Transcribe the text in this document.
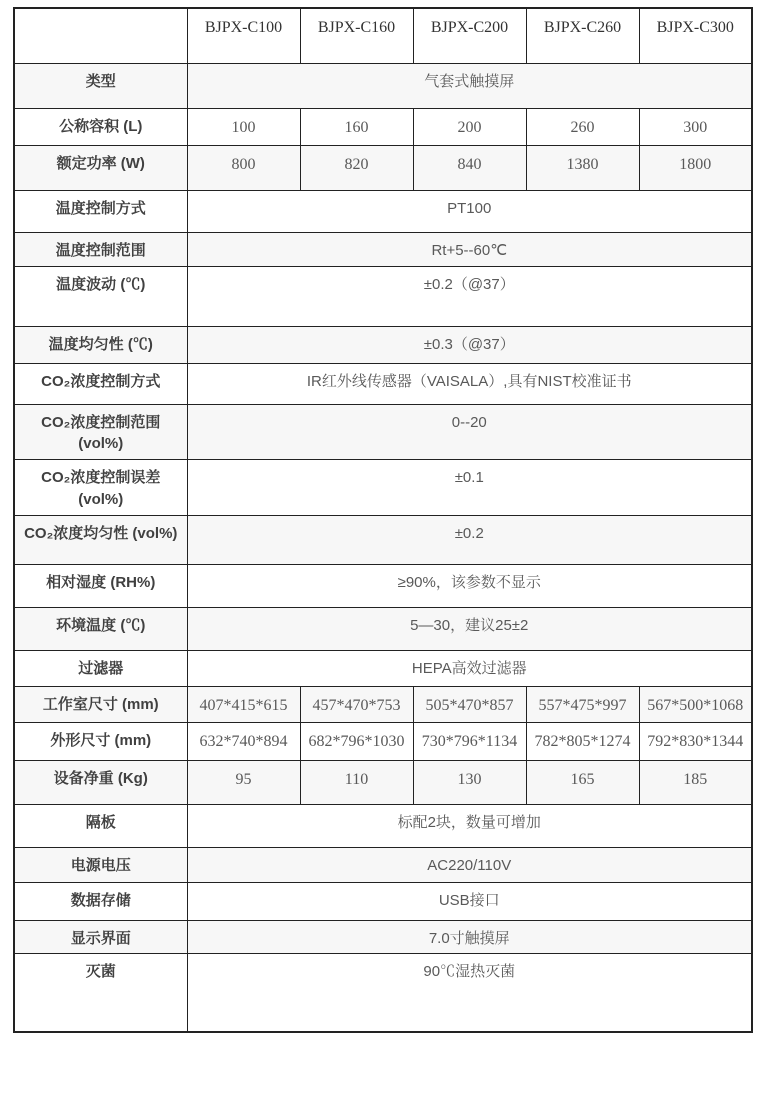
	BJPX-C100	BJPX-C160	BJPX-C200	BJPX-C260	BJPX-C300
类型	气套式触摸屏				
公称容积 (L)	100	160	200	260	300
额定功率 (W)	800	820	840	1380	1800
温度控制方式	PT100				
温度控制范围	Rt+5--60℃				
温度波动 (℃)	±0.2（@37）				
温度均匀性 (℃)	±0.3（@37）				
CO₂浓度控制方式	IR红外线传感器（VAISALA）,具有NIST校准证书				
CO₂浓度控制范围 (vol%)	0--20				
CO₂浓度控制误差 (vol%)	±0.1				
CO₂浓度均匀性 (vol%)	±0.2				
相对湿度 (RH%)	≥90%，该参数不显示				
环境温度 (℃)	5—30，建议25±2				
过滤器	HEPA高效过滤器				
工作室尺寸 (mm)	407*415*615	457*470*753	505*470*857	557*475*997	567*500*1068
外形尺寸 (mm)	632*740*894	682*796*1030	730*796*1134	782*805*1274	792*830*1344
设备净重 (Kg)	95	110	130	165	185
隔板	标配2块，数量可增加				
电源电压	AC220/110V				
数据存储	USB接口				
显示界面	7.0寸触摸屏				
灭菌	90℃湿热灭菌				
